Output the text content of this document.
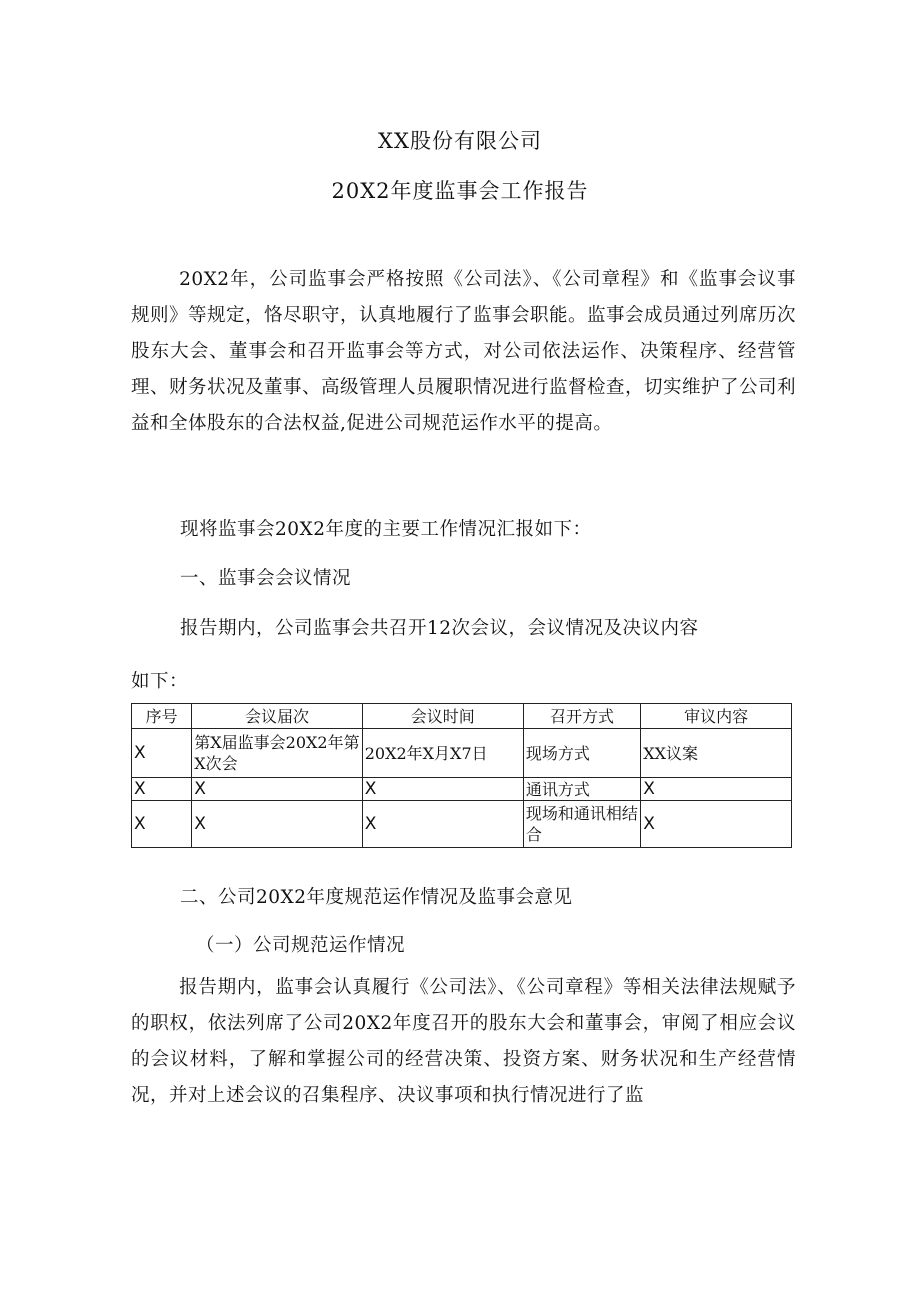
XX股份有限公司
20X2年度监事会工作报告
20X2年，公司监事会严格按照《公司法》、《公司章程》和《监事会议事规则》等规定，恪尽职守，认真地履行了监事会职能。监事会成员通过列席历次股东大会、董事会和召开监事会等方式，对公司依法运作、决策程序、经营管理、财务状况及董事、高级管理人员履职情况进行监督检查，切实维护了公司利益和全体股东的合法权益,促进公司规范运作水平的提高。
现将监事会20X2年度的主要工作情况汇报如下：
一、监事会会议情况
报告期内，公司监事会共召开12次会议，会议情况及决议内容
如下：
序号	会议届次	会议时间	召开方式	审议内容
X	第X届监事会20X2年第X次会	20X2年X月X7日	现场方式	XX议案
X	X	X	通讯方式	X
X	X	X	现场和通讯相结合	X
二、公司20X2年度规范运作情况及监事会意见
（一）公司规范运作情况
报告期内，监事会认真履行《公司法》、《公司章程》等相关法律法规赋予的职权，依法列席了公司20X2年度召开的股东大会和董事会，审阅了相应会议的会议材料，了解和掌握公司的经营决策、投资方案、财务状况和生产经营情况，并对上述会议的召集程序、决议事项和执行情况进行了监
